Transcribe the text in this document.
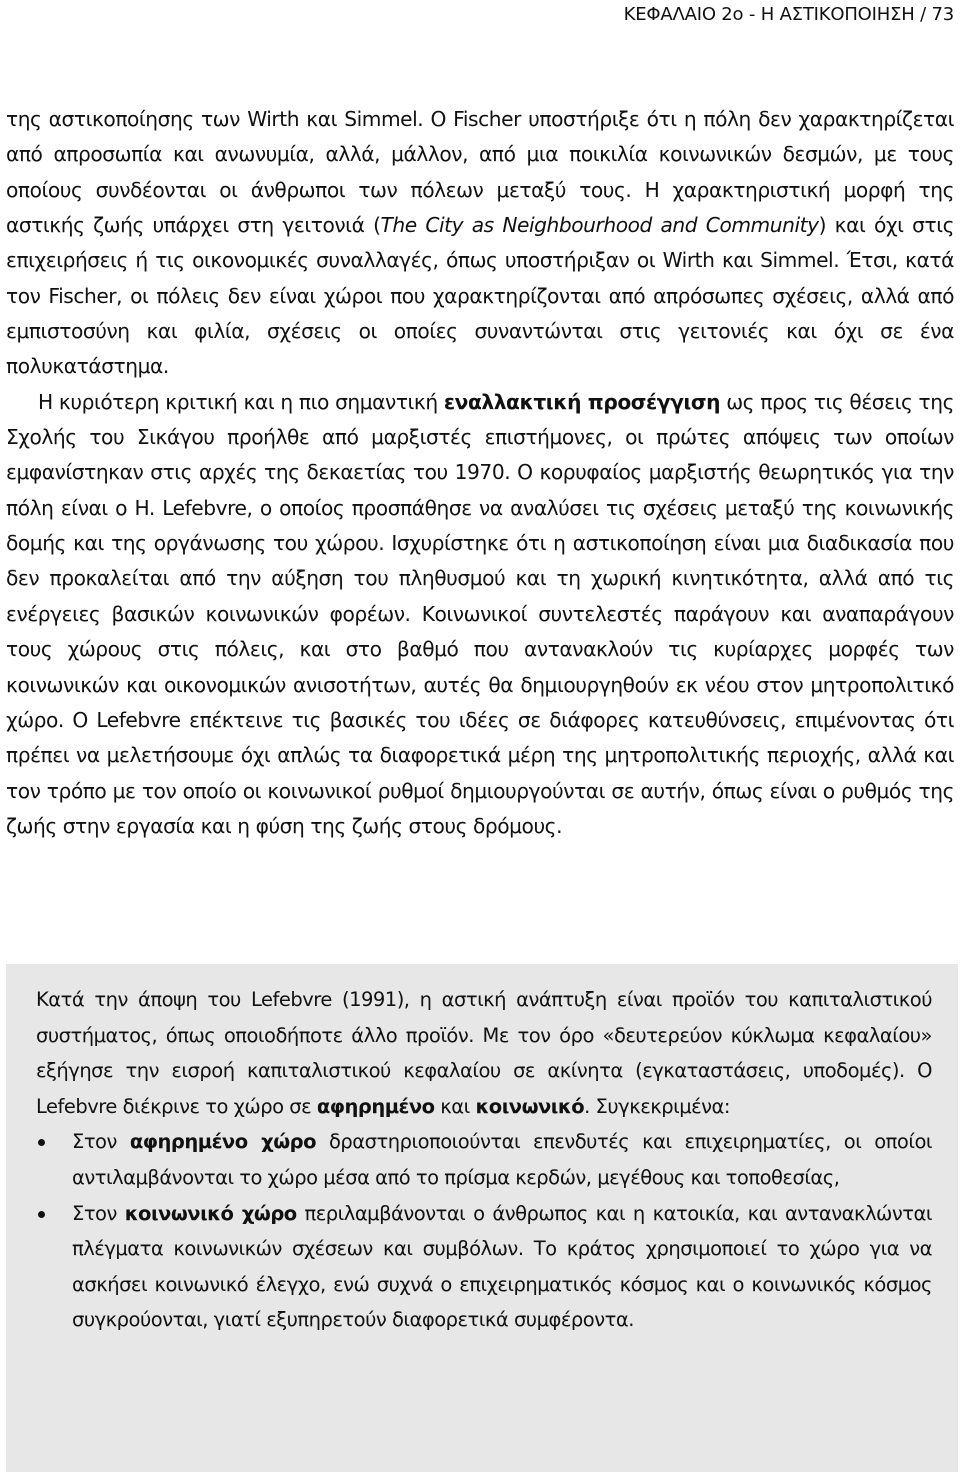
ΚΕΦΑΛΑΙΟ 2ο - Η ΑΣΤΙΚΟΠΟΙΗΣΗ / 73

της αστικοποίησης των Wirth και Simmel. Ο Fischer υποστήριξε ότι η πόλη δεν χαρακτηρίζεται από απροσωπία και ανωνυμία, αλλά, μάλλον, από μια ποικιλία κοινωνικών δεσμών, με τους οποίους συνδέονται οι άνθρωποι των πόλεων μεταξύ τους. Η χαρακτηριστική μορφή της αστικής ζωής υπάρχει στη γειτονιά (The City as Neighbourhood and Community) και όχι στις επιχειρήσεις ή τις οικονομικές συναλλαγές, όπως υποστήριξαν οι Wirth και Simmel. Έτσι, κατά τον Fischer, οι πόλεις δεν είναι χώροι που χαρακτηρίζονται από απρόσωπες σχέσεις, αλλά από εμπιστοσύνη και φιλία, σχέσεις οι οποίες συναντώνται στις γειτονιές και όχι σε ένα πολυκατάστημα.

Η κυριότερη κριτική και η πιο σημαντική εναλλακτική προσέγγιση ως προς τις θέσεις της Σχολής του Σικάγου προήλθε από μαρξιστές επιστήμονες, οι πρώτες απόψεις των οποίων εμφανίστηκαν στις αρχές της δεκαετίας του 1970. Ο κορυφαίος μαρξιστής θεωρητικός για την πόλη είναι ο H. Lefebvre, ο οποίος προσπάθησε να αναλύσει τις σχέσεις μεταξύ της κοινωνικής δομής και της οργάνωσης του χώρου. Ισχυρίστηκε ότι η αστικοποίηση είναι μια διαδικασία που δεν προκαλείται από την αύξηση του πληθυσμού και τη χωρική κινητικότητα, αλλά από τις ενέργειες βασικών κοινωνικών φορέων. Κοινωνικοί συντελεστές παράγουν και αναπαράγουν τους χώρους στις πόλεις, και στο βαθμό που αντανακλούν τις κυρίαρχες μορφές των κοινωνικών και οικονομικών ανισοτήτων, αυτές θα δημιουργηθούν εκ νέου στον μητροπολιτικό χώρο. Ο Lefebvre επέκτεινε τις βασικές του ιδέες σε διάφορες κατευθύνσεις, επιμένοντας ότι πρέπει να μελετήσουμε όχι απλώς τα διαφορετικά μέρη της μητροπολιτικής περιοχής, αλλά και τον τρόπο με τον οποίο οι κοινωνικοί ρυθμοί δημιουργούνται σε αυτήν, όπως είναι ο ρυθμός της ζωής στην εργασία και η φύση της ζωής στους δρόμους.

Κατά την άποψη του Lefebvre (1991), η αστική ανάπτυξη είναι προϊόν του καπιταλιστικού συστήματος, όπως οποιοδήποτε άλλο προϊόν. Με τον όρο «δευτερεύον κύκλωμα κεφαλαίου» εξήγησε την εισροή καπιταλιστικού κεφαλαίου σε ακίνητα (εγκαταστάσεις, υποδομές). Ο Lefebvre διέκρινε το χώρο σε αφηρημένο και κοινωνικό. Συγκεκριμένα:

Στον αφηρημένο χώρο δραστηριοποιούνται επενδυτές και επιχειρηματίες, οι οποίοι αντιλαμβάνονται το χώρο μέσα από το πρίσμα κερδών, μεγέθους και τοποθεσίας,
Στον κοινωνικό χώρο περιλαμβάνονται ο άνθρωπος και η κατοικία, και αντανακλώνται πλέγματα κοινωνικών σχέσεων και συμβόλων. Το κράτος χρησιμοποιεί το χώρο για να ασκήσει κοινωνικό έλεγχο, ενώ συχνά ο επιχειρηματικός κόσμος και ο κοινωνικός κόσμος συγκρούονται, γιατί εξυπηρετούν διαφορετικά συμφέροντα.
